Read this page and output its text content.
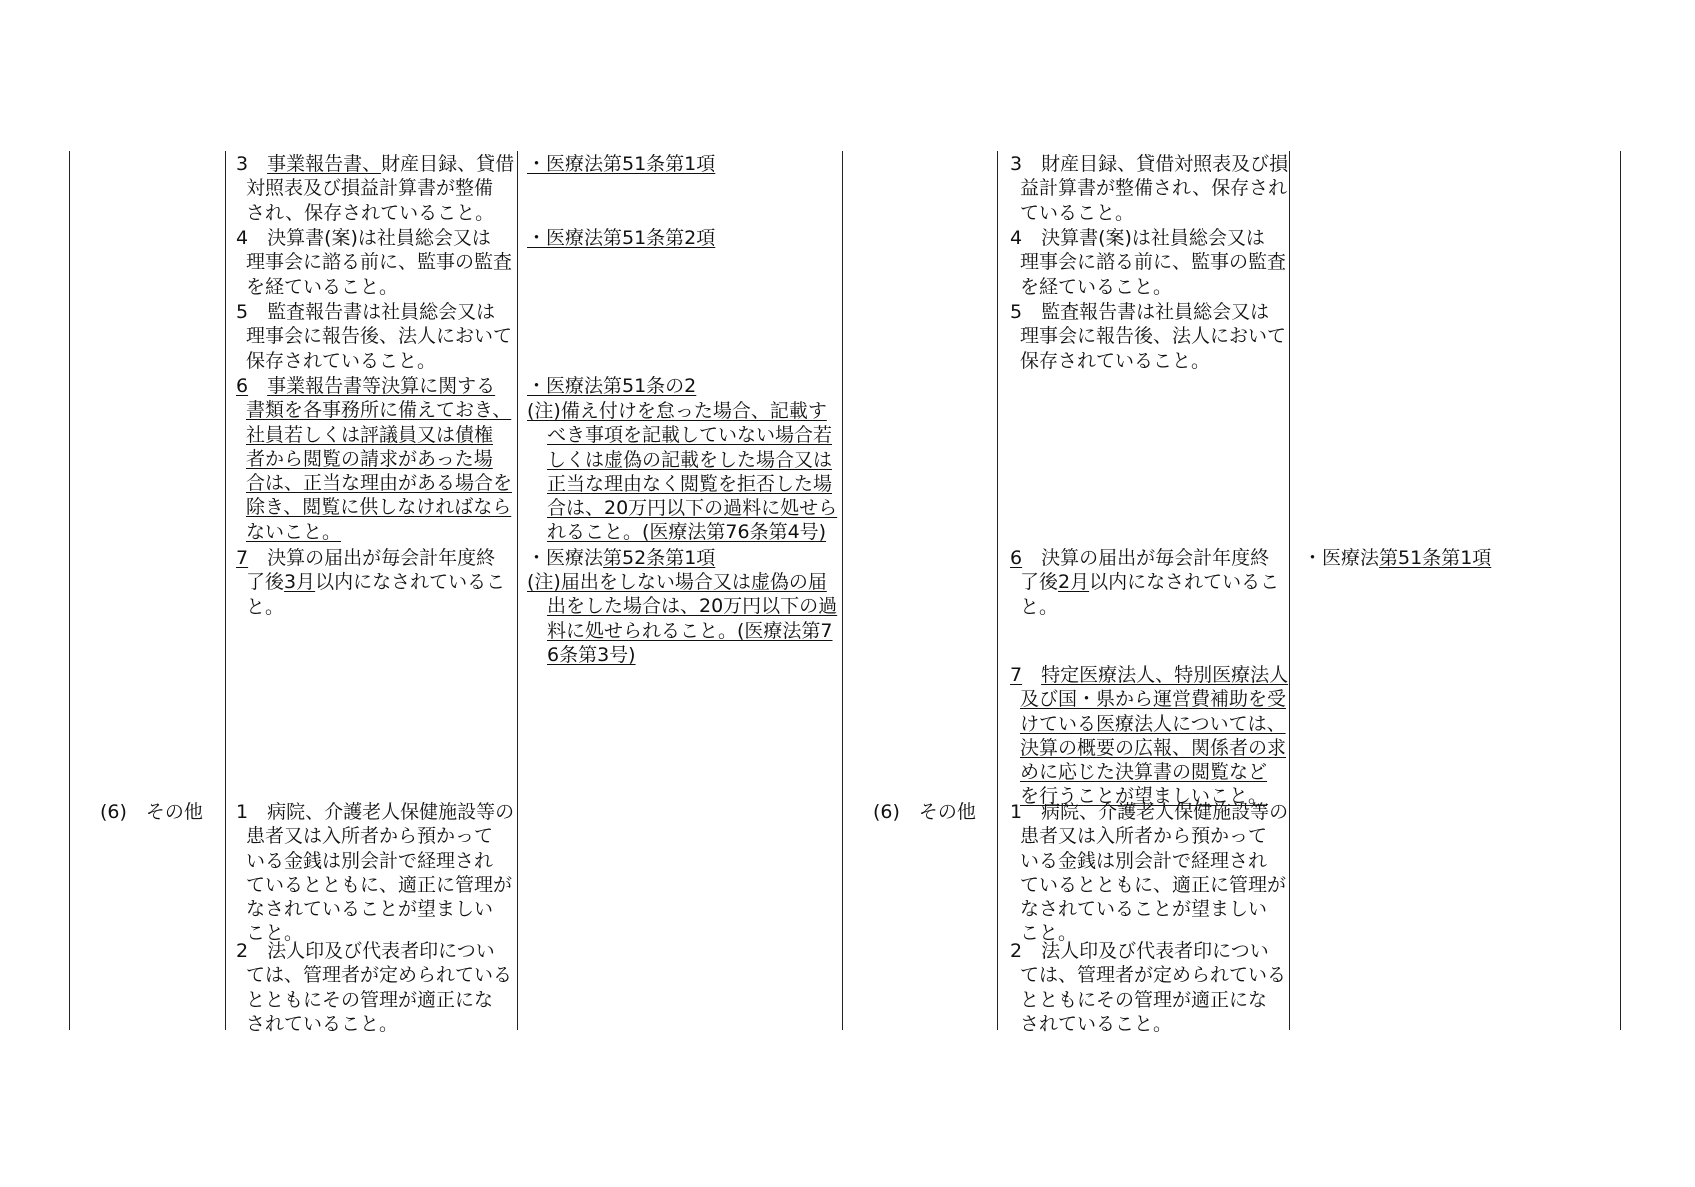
3　事業報告書、財産目録、貸借
対照表及び損益計算書が整備
され、保存されていること。
4　決算書(案)は社員総会又は
理事会に諮る前に、監事の監査
を経ていること。
5　監査報告書は社員総会又は
理事会に報告後、法人において
保存されていること。
6　 事業報告書等決算に関する
書類を各事務所に備えておき、
社員若しくは評議員又は債権
者から閲覧の請求があった場
合は、正当な理由がある場合を
除き、閲覧に供しなければなら
ないこと。
7　決算の届出が毎会計年度終
了後3月以内になされているこ
と。
・医療法第51条第1項
・医療法第51条第2項
・医療法第51条の2
(注)備え付けを怠った場合、記載す
べき事項を記載していない場合若
しくは虚偽の記載をした場合又は
正当な理由なく閲覧を拒否した場
合は、20万円以下の過料に処せら
れること。(医療法第76条第4号)
・医療法第52条第1項
(注)届出をしない場合又は虚偽の届
出をした場合は、20万円以下の過
料に処せられること。(医療法第7
6条第3号)
(6)　その他 1　病院、介護老人保健施設等の
患者又は入所者から預かって
いる金銭は別会計で経理され
ているとともに、適正に管理が
なされていることが望ましい
こと。
2　法人印及び代表者印につい
ては、管理者が定められている
とともにその管理が適正にな
されていること。
3　財産目録、貸借対照表及び損
益計算書が整備され、保存され
ていること。
4　決算書(案)は社員総会又は
理事会に諮る前に、監事の監査
を経ていること。
5　監査報告書は社員総会又は
理事会に報告後、法人において
保存されていること。
6　決算の届出が毎会計年度終
了後2月以内になされているこ
と。
7　 特定医療法人、特別医療法人
及び国・県から運営費補助を受
けている医療法人については、
決算の概要の広報、関係者の求
めに応じた決算書の閲覧など
を行うことが望ましいこと。
・医療法第51条第1項
(6)　その他 1　病院、介護老人保健施設等の
患者又は入所者から預かって
いる金銭は別会計で経理され
ているとともに、適正に管理が
なされていることが望ましい
こと。
2　法人印及び代表者印につい
ては、管理者が定められている
とともにその管理が適正にな
されていること。
